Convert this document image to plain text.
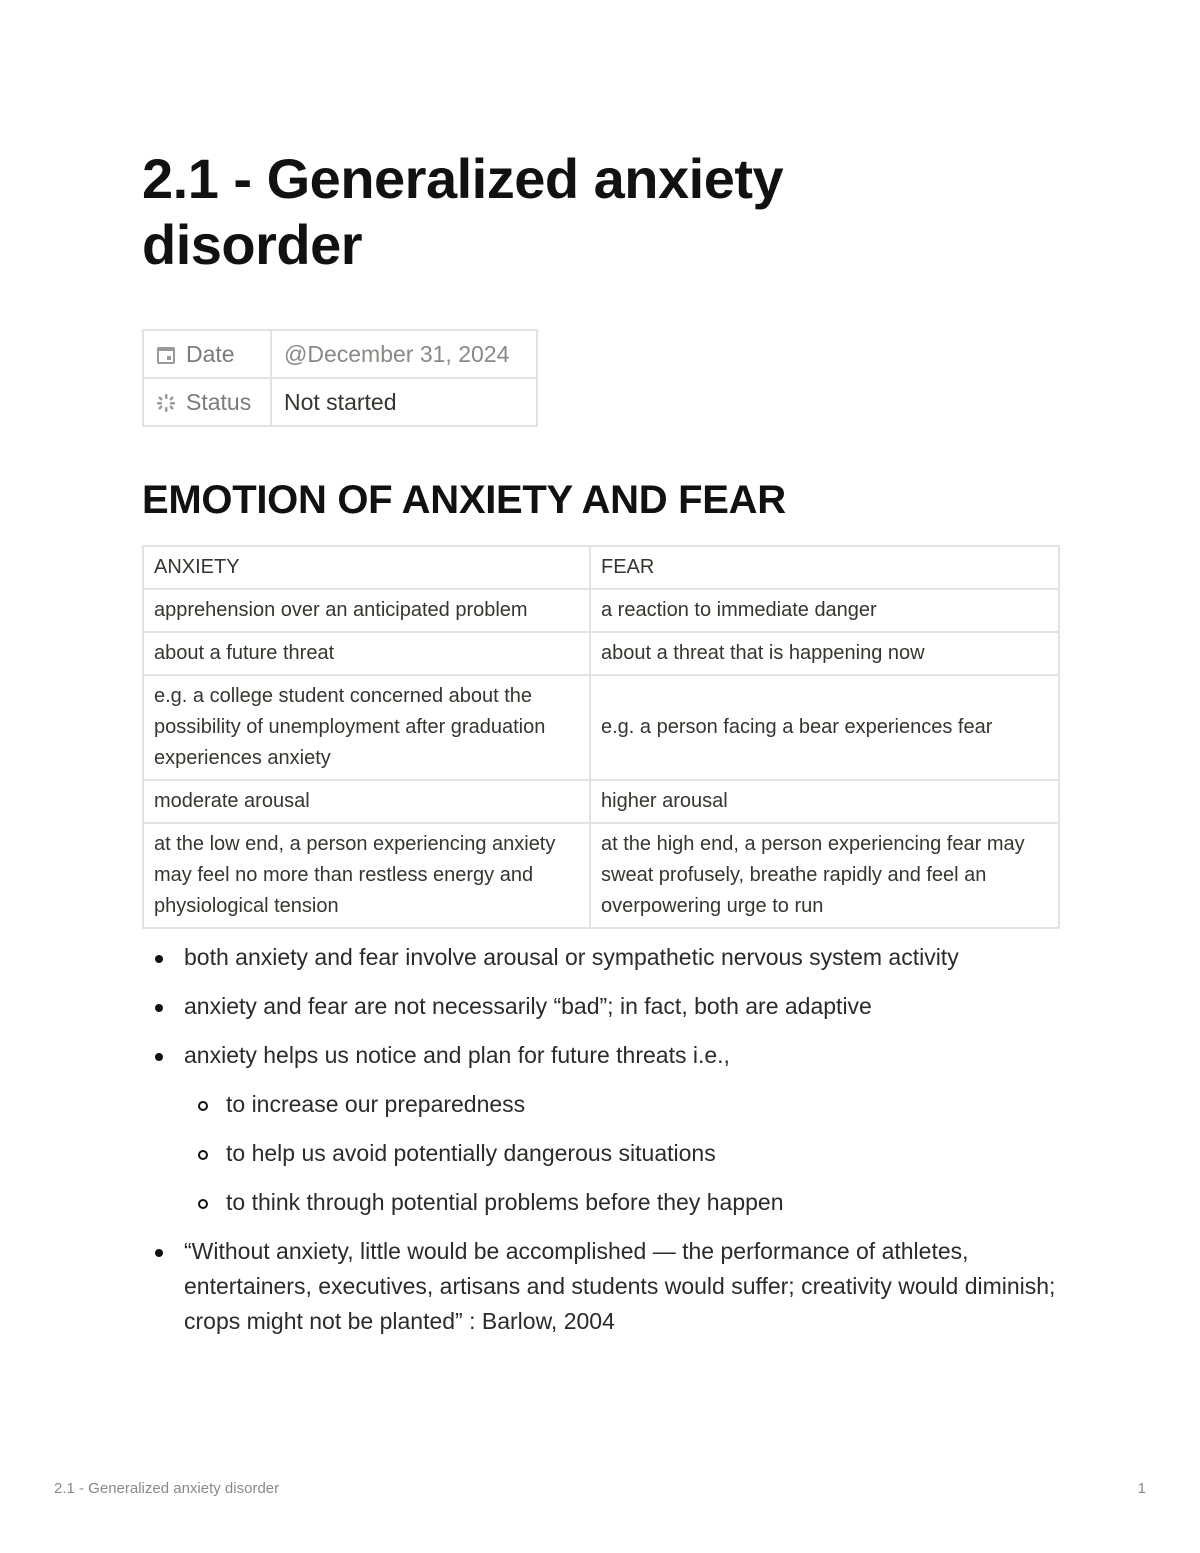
2.1 - Generalized anxiety disorder
Date	@December 31, 2024
Status	Not started
EMOTION OF ANXIETY AND FEAR
ANXIETY	FEAR
apprehension over an anticipated problem	a reaction to immediate danger
about a future threat	about a threat that is happening now
e.g. a college student concerned about the possibility of unemployment after graduation experiences anxiety	e.g. a person facing a bear experiences fear
moderate arousal	higher arousal
at the low end, a person experiencing anxiety may feel no more than restless energy and physiological tension	at the high end, a person experiencing fear may sweat profusely, breathe rapidly and feel an overpowering urge to run
both anxiety and fear involve arousal or sympathetic nervous system activity
anxiety and fear are not necessarily “bad”; in fact, both are adaptive
anxiety helps us notice and plan for future threats i.e.,
to increase our preparedness
to help us avoid potentially dangerous situations
to think through potential problems before they happen
“Without anxiety, little would be accomplished — the performance of athletes, entertainers, executives, artisans and students would suffer; creativity would diminish; crops might not be planted” : Barlow, 2004
2.1 - Generalized anxiety disorder	1
